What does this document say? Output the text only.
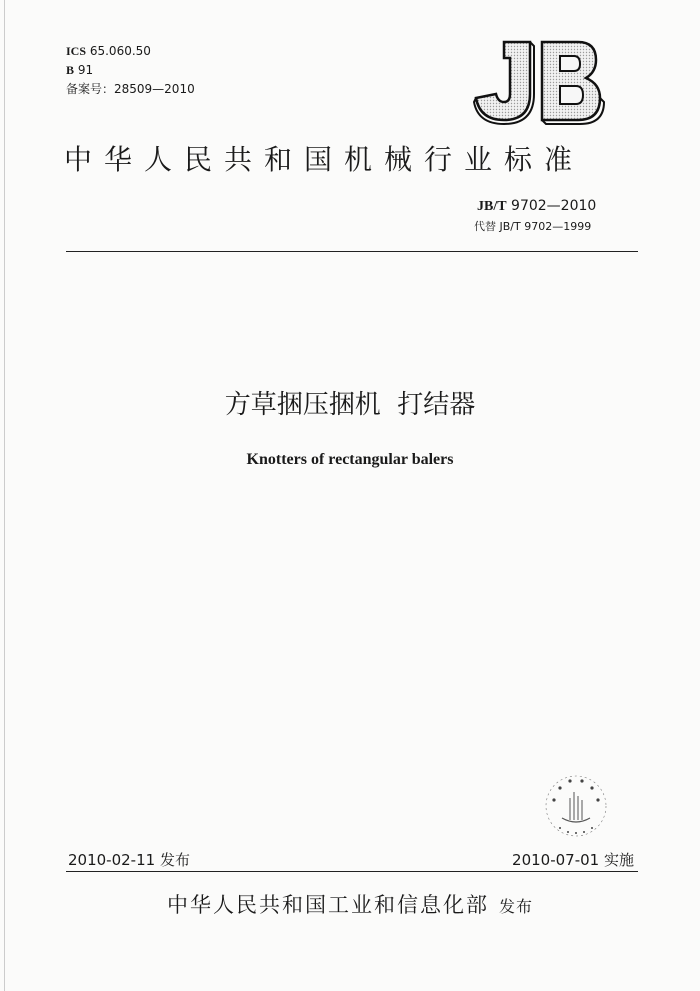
ICS 65.060.50
B 91
备案号：28509—2010
JB
中华人民共和国机械行业标准
JB/T 9702—2010
代替 JB/T 9702—1999
方草捆压捆机  打结器
Knotters of rectangular balers
2010-02-11 发布	2010-07-01 实施
中华人民共和国工业和信息化部 发布
